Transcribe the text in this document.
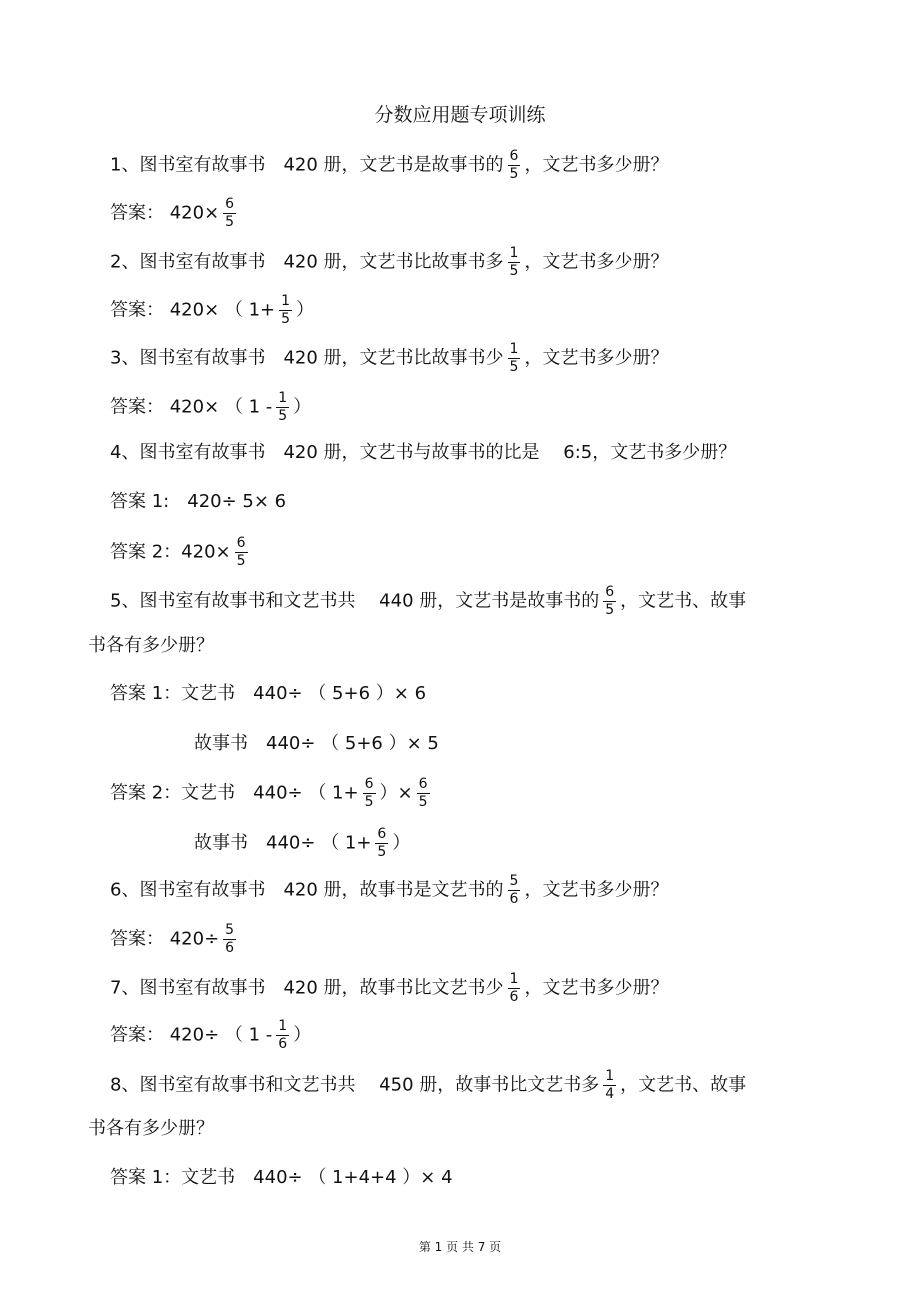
分数应用题专项训练
1、图书室有故事书　420 册，文艺书是故事书的 $\frac{6}{5}$ ，文艺书多少册？
答案： $420\times \frac{6}{5}$
2、图书室有故事书　420 册，文艺书比故事书多 $\frac{1}{5}$ ，文艺书多少册？
答案： 420× （ $1+ \frac{1}{5}$ ）
3、图书室有故事书　420 册，文艺书比故事书少 $\frac{1}{5}$ ，文艺书多少册？
答案： 420× （ $1 - \frac{1}{5}$ ）
4、图书室有故事书　420 册，文艺书与故事书的比是　 6:5，文艺书多少册？
答案 1:　420÷ 5× 6
答案 2：$420\times \frac{6}{5}$
5、图书室有故事书和文艺书共　 440 册，文艺书是故事书的 $\frac{6}{5}$ ，文艺书、故事
书各有多少册？
答案 1：文艺书　440÷ （ 5+6 ）× 6
故事书　440÷ （ 5+6 ）× 5
答案 2：文艺书　440÷ （ $1+ \frac{6}{5}$ ）× $\frac{6}{5}$
故事书　440÷ （ $1+ \frac{6}{5}$ ）
6、图书室有故事书　420 册，故事书是文艺书的 $\frac{5}{6}$ ，文艺书多少册？
答案： $420\div \frac{5}{6}$
7、图书室有故事书　420 册，故事书比文艺书少 $\frac{1}{6}$ ，文艺书多少册？
答案： 420÷ （ $1 - \frac{1}{6}$ ）
8、图书室有故事书和文艺书共　 450 册，故事书比文艺书多 $\frac{1}{4}$ ，文艺书、故事
书各有多少册？
答案 1：文艺书　440÷ （ 1+4+4 ）× 4
第 1 页 共 7 页
